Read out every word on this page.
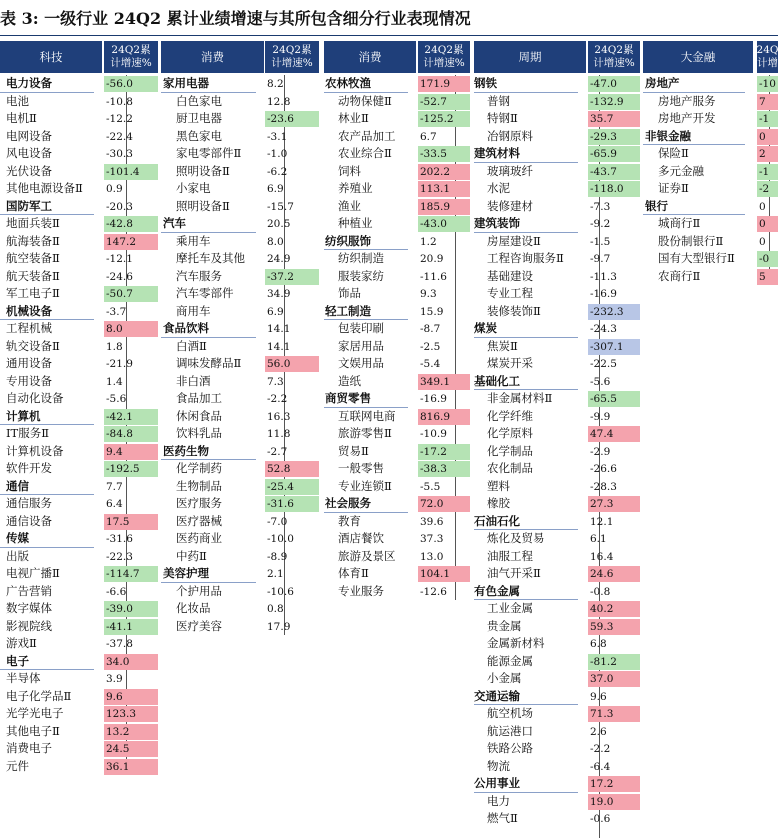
表 3: 一级行业 24Q2 累计业绩增速与其所包含细分行业表现情况
科技	24Q2累
计增速%
电力设备	-56.0
电池	-10.8
电机Ⅱ	-12.2
电网设备	-22.4
风电设备	-30.3
光伏设备	-101.4
其他电源设备Ⅱ 0.9
国防军工	-20.3
地面兵装Ⅱ	-42.8
航海装备Ⅱ	147.2
航空装备Ⅱ	-12.1
航天装备Ⅱ	-24.6
军工电子Ⅱ	-50.7
机械设备	-3.7
工程机械	8.0
轨交设备Ⅱ	1.8
通用设备	-21.9
专用设备	1.4
自动化设备	-5.6
计算机	-42.1
IT服务Ⅱ	-84.8
计算机设备	9.4
软件开发	-192.5
通信	7.7
通信服务	6.4
通信设备	17.5
传媒	-31.6
出版	-22.3
电视广播Ⅱ	-114.7
广告营销	-6.6
数字媒体	-39.0
影视院线	-41.1
游戏Ⅱ	-37.8
电子	34.0
半导体	3.9
电子化学品Ⅱ	9.6
光学光电子	123.3
其他电子Ⅱ	13.2
消费电子	24.5
元件	36.1
消费	24Q2累
计增速%
家用电器	8.2
白色家电	12.8
厨卫电器	-23.6
黑色家电	-3.1
家电零部件Ⅱ -1.0
照明设备Ⅱ	-6.2
小家电	6.9
照明设备Ⅱ	-15.7
汽车	20.5
乘用车	8.0
摩托车及其他 24.9
汽车服务	-37.2
汽车零部件	34.9
商用车	6.9
食品饮料	14.1
白酒Ⅱ	14.1
调味发酵品Ⅱ 56.0
非白酒	7.3
食品加工	-2.2
休闲食品	16.3
饮料乳品	11.8
医药生物	-2.7
化学制药	52.8
生物制品	-25.4
医疗服务	-31.6
医疗器械	-7.0
医药商业	-10.0
中药Ⅱ	-8.9
美容护理	2.1
个护用品	-10.6
化妆品	0.8
医疗美容	17.9
消费	24Q2累
计增速%
农林牧渔	171.9
动物保健Ⅱ	-52.7
林业Ⅱ	-125.2
农产品加工 6.7
农业综合Ⅱ	-33.5
饲料	202.2
养殖业	113.1
渔业	185.9
种植业	-43.0
纺织服饰	1.2
纺织制造	20.9
服装家纺	-11.6
饰品	9.3
轻工制造	15.9
包装印刷	-8.7
家居用品	-2.5
文娱用品	-5.4
造纸	349.1
商贸零售	-16.9
互联网电商 816.9
旅游零售Ⅱ	-10.9
贸易Ⅱ	-17.2
一般零售	-38.3
专业连锁Ⅱ	-5.5
社会服务	72.0
教育	39.6
酒店餐饮	37.3
旅游及景区 13.0
体育Ⅱ	104.1
专业服务	-12.6
周期	24Q2累
计增速%
钢铁	-47.0
普钢	-132.9
特钢Ⅱ	35.7
冶钢原料	-29.3
建筑材料	-65.9
玻璃玻纤	-43.7
水泥	-118.0
装修建材	-7.3
建筑装饰	-9.2
房屋建设Ⅱ	-1.5
工程咨询服务Ⅱ -9.7
基础建设	-11.3
专业工程	-16.9
装修装饰Ⅱ	-232.3
煤炭	-24.3
焦炭Ⅱ	-307.1
煤炭开采	-22.5
基础化工	-5.6
非金属材料Ⅱ	-65.5
化学纤维	-9.9
化学原料	47.4
化学制品	-2.9
农化制品	-26.6
塑料	-28.3
橡胶	27.3
石油石化	12.1
炼化及贸易	6.1
油服工程	16.4
油气开采Ⅱ	24.6
有色金属	-0.8
工业金属	40.2
贵金属	59.3
金属新材料	6.8
能源金属	-81.2
小金属	37.0
交通运输	9.6
航空机场	71.3
航运港口	2.6
铁路公路	-2.2
物流	-6.4
公用事业	17.2
电力	19.0
燃气Ⅱ	-0.6
大金融	24Q
计增
房地产	-10
房地产服务	7
房地产开发	-1
非银金融	0
保险Ⅱ	2
多元金融	-1
证券Ⅱ	-2
银行	0
城商行Ⅱ	0
股份制银行Ⅱ	0
国有大型银行Ⅱ -0
农商行Ⅱ	5
